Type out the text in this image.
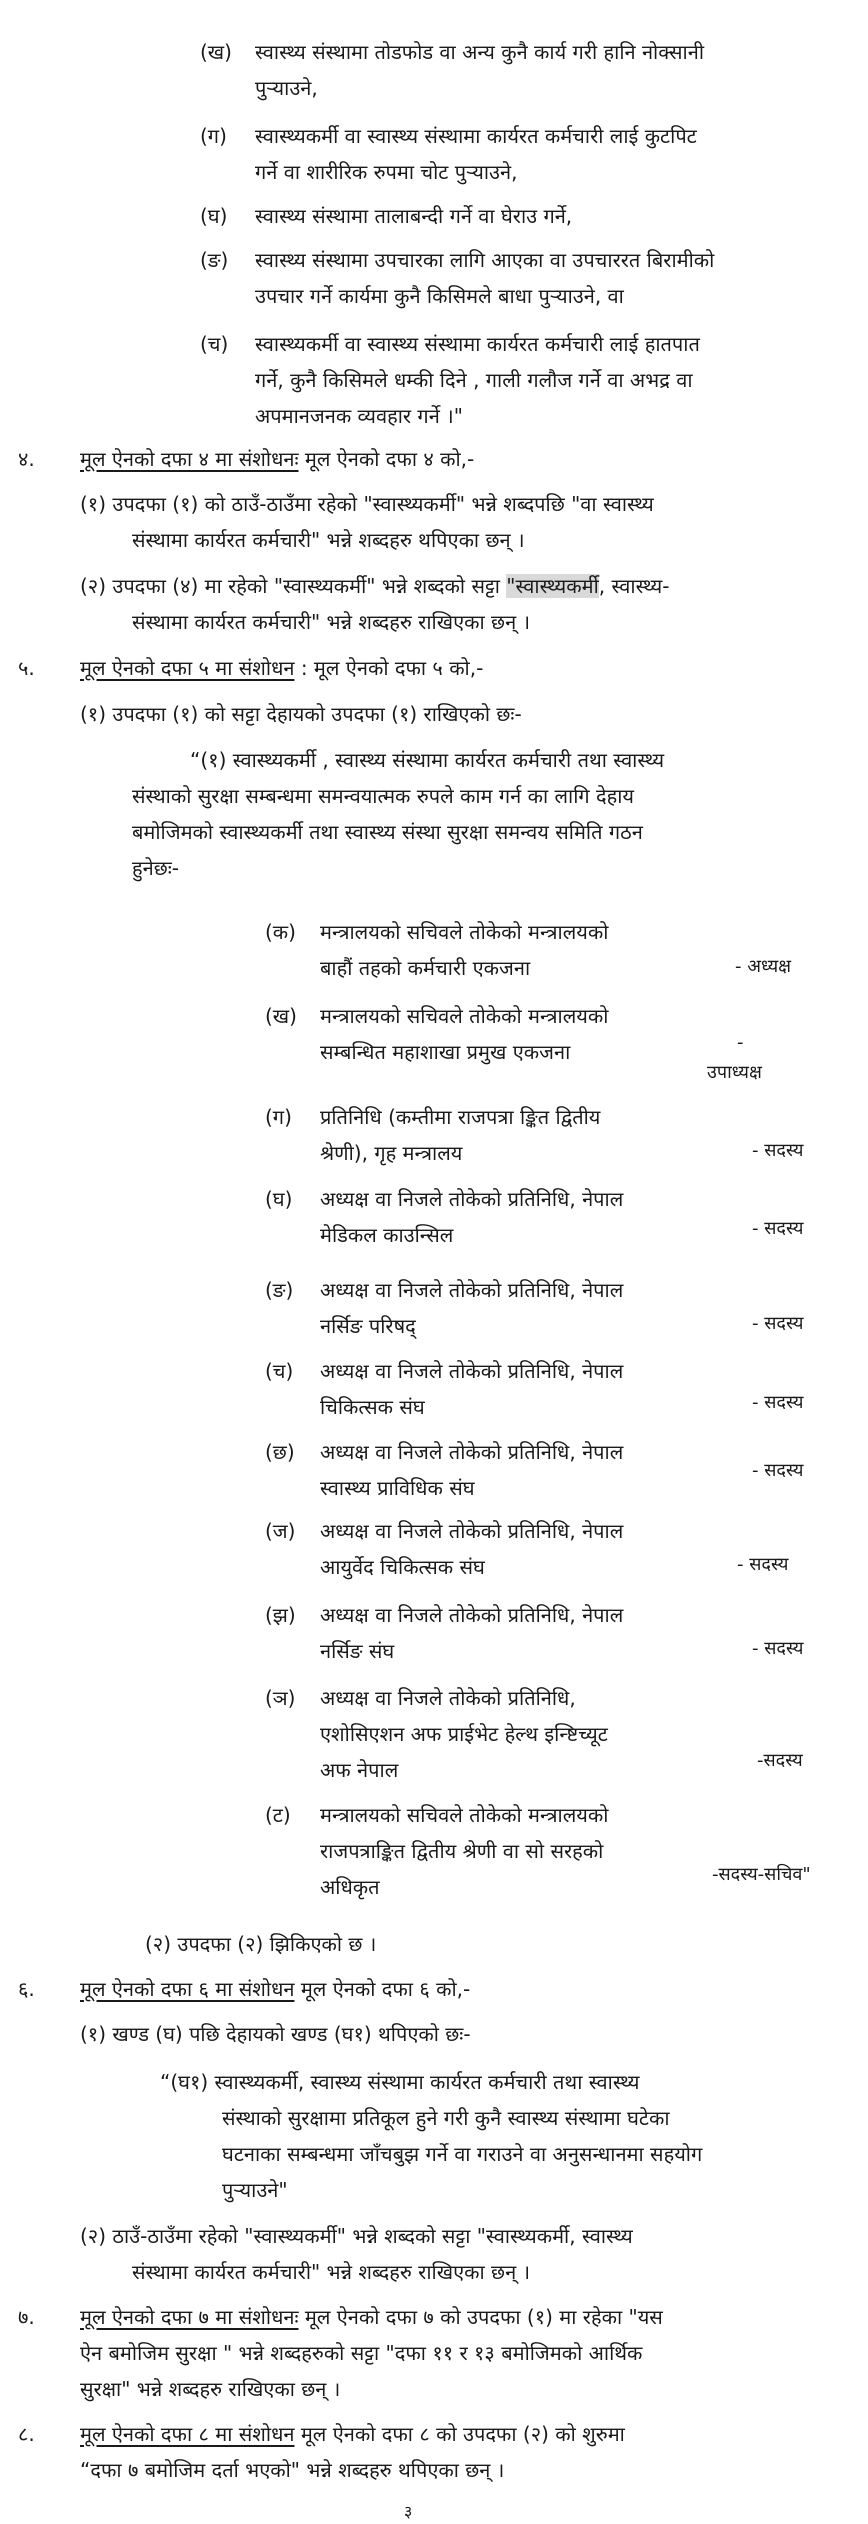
(ख) स्वास्थ्य संस्थामा तोडफोड वा अन्य कुनै कार्य गरी हानि नोक्सानी
पुर्‍याउने,
(ग) स्वास्थ्यकर्मी वा स्वास्थ्य संस्थामा कार्यरत कर्मचारी लाई कुटपिट
गर्ने वा शारीरिक रुपमा चोट पुर्‍याउने,
(घ) स्वास्थ्य संस्थामा तालाबन्दी गर्ने वा घेराउ गर्ने,
(ङ) स्वास्थ्य संस्थामा उपचारका लागि आएका वा उपचाररत बिरामीको
उपचार गर्ने कार्यमा कुनै किसिमले बाधा पुर्‍याउने, वा
(च) स्वास्थ्यकर्मी वा स्वास्थ्य संस्थामा कार्यरत कर्मचारी लाई हातपात
गर्ने, कुनै किसिमले धम्की दिने , गाली गलौज गर्ने वा अभद्र वा
अपमानजनक व्यवहार गर्ने ।"
४. मूल ऐनको दफा ४ मा संशोधनः मूल ऐनको दफा ४ को,-
(१) उपदफा (१) को ठाउँ-ठाउँमा रहेको "स्वास्थ्यकर्मी" भन्ने शब्दपछि "वा स्वास्थ्य
संस्थामा कार्यरत कर्मचारी" भन्ने शब्दहरु थपिएका छन् ।
(२) उपदफा (४) मा रहेको "स्वास्थ्यकर्मी" भन्ने शब्दको सट्टा "स्वास्थ्यकर्मी, स्वास्थ्य-
संस्थामा कार्यरत कर्मचारी" भन्ने शब्दहरु राखिएका छन् ।
५. मूल ऐनको दफा ५ मा संशोधन : मूल ऐनको दफा ५ को,-
(१) उपदफा (१) को सट्टा देहायको उपदफा (१) राखिएको छः-
“(१) स्वास्थ्यकर्मी , स्वास्थ्य संस्थामा कार्यरत कर्मचारी तथा स्वास्थ्य
संस्थाको सुरक्षा सम्बन्धमा समन्वयात्मक रुपले काम गर्न का लागि देहाय
बमोजिमको स्वास्थ्यकर्मी तथा स्वास्थ्य संस्था सुरक्षा समन्वय समिति गठन
हुनेछः-
(क) मन्त्रालयको सचिवले तोकेको मन्त्रालयको
बाहौं तहको कर्मचारी एकजना	- अध्यक्ष
(ख) मन्त्रालयको सचिवले तोकेको मन्त्रालयको
सम्बन्धित महाशाखा प्रमुख एकजना	-
उपाध्यक्ष
(ग) प्रतिनिधि (कम्तीमा राजपत्रा ङ्कित द्वितीय
श्रेणी), गृह मन्त्रालय	- सदस्य
(घ) अध्यक्ष वा निजले तोकेको प्रतिनिधि, नेपाल
मेडिकल काउन्सिल	- सदस्य
(ङ) अध्यक्ष वा निजले तोकेको प्रतिनिधि, नेपाल
नर्सिङ परिषद्	- सदस्य
(च) अध्यक्ष वा निजले तोकेको प्रतिनिधि, नेपाल
चिकित्सक संघ	- सदस्य
(छ) अध्यक्ष वा निजले तोकेको प्रतिनिधि, नेपाल
स्वास्थ्य प्राविधिक संघ
- सदस्य
(ज) अध्यक्ष वा निजले तोकेको प्रतिनिधि, नेपाल
आयुर्वेद चिकित्सक संघ	- सदस्य
(झ) अध्यक्ष वा निजले तोकेको प्रतिनिधि, नेपाल
नर्सिङ संघ	- सदस्य
(ञ) अध्यक्ष वा निजले तोकेको प्रतिनिधि,
एशोसिएशन अफ प्राईभेट हेल्थ इन्ष्टिच्यूट
अफ नेपाल	-सदस्य
(ट) मन्त्रालयको सचिवले तोकेको मन्त्रालयको
राजपत्राङ्कित द्वितीय श्रेणी वा सो सरहको
अधिकृत
-सदस्य-सचिव"
(२) उपदफा (२) झिकिएको छ ।
६. मूल ऐनको दफा ६ मा संशोधन मूल ऐनको दफा ६ को,-
(१) खण्ड (घ) पछि देहायको खण्ड (घ१) थपिएको छः-
“(घ१) स्वास्थ्यकर्मी, स्वास्थ्य संस्थामा कार्यरत कर्मचारी तथा स्वास्थ्य
संस्थाको सुरक्षामा प्रतिकूल हुने गरी कुनै स्वास्थ्य संस्थामा घटेका
घटनाका सम्बन्धमा जाँचबुझ गर्ने वा गराउने वा अनुसन्धानमा सहयोग
पुर्‍याउने"
(२) ठाउँ-ठाउँमा रहेको "स्वास्थ्यकर्मी" भन्ने शब्दको सट्टा "स्वास्थ्यकर्मी, स्वास्थ्य
संस्थामा कार्यरत कर्मचारी" भन्ने शब्दहरु राखिएका छन् ।
७. मूल ऐनको दफा ७ मा संशोधनः मूल ऐनको दफा ७ को उपदफा (१) मा रहेका "यस
ऐन बमोजिम सुरक्षा " भन्ने शब्दहरुको सट्टा "दफा ११ र १३ बमोजिमको आर्थिक
सुरक्षा" भन्ने शब्दहरु राखिएका छन् ।
८. मूल ऐनको दफा ८ मा संशोधन मूल ऐनको दफा ८ को उपदफा (२) को शुरुमा
“दफा ७ बमोजिम दर्ता भएको" भन्ने शब्दहरु थपिएका छन् ।
३
